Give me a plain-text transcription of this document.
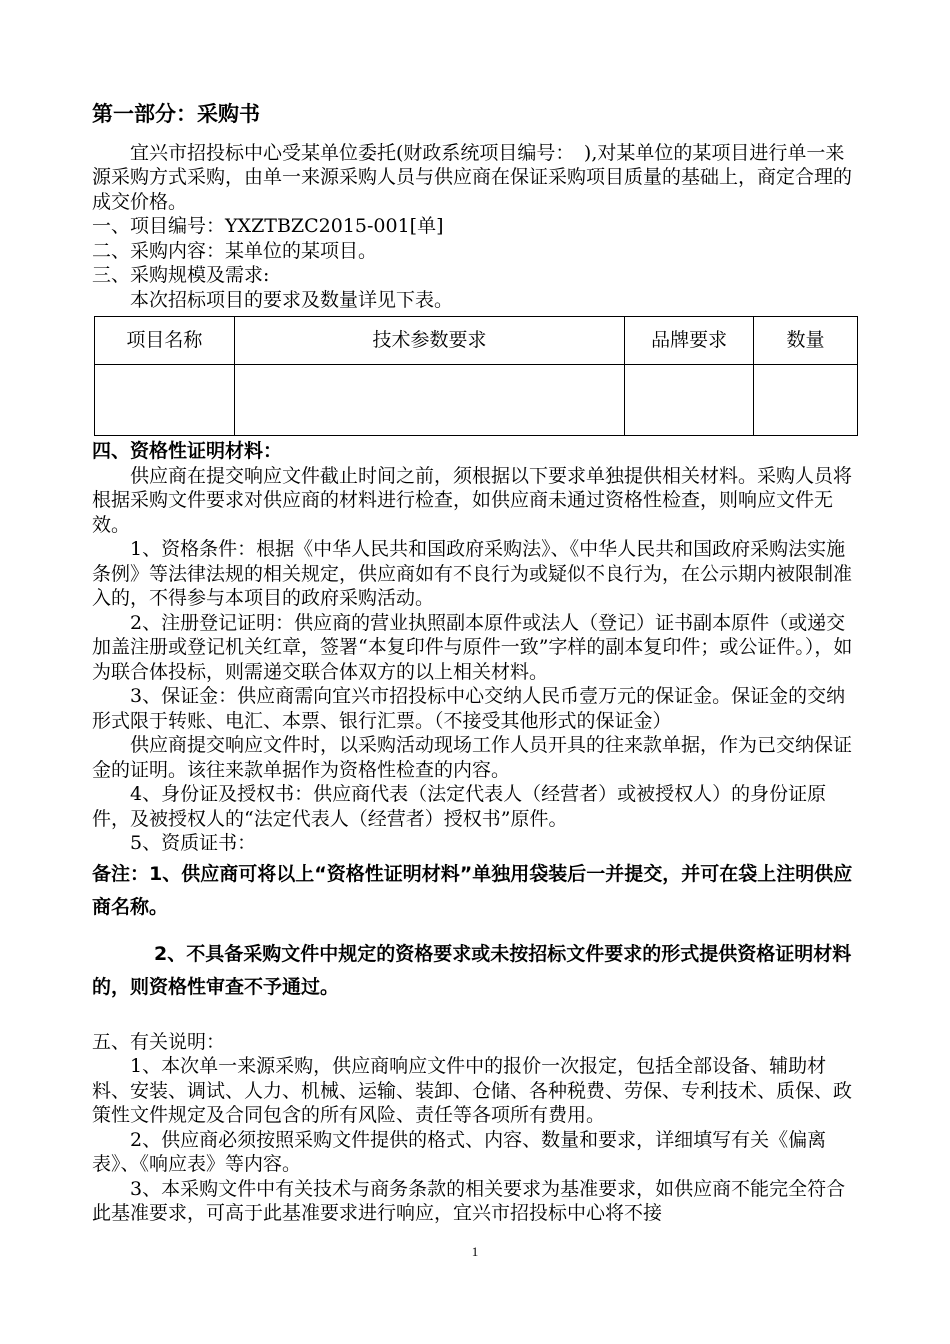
第一部分：采购书

宜兴市招投标中心受某单位委托(财政系统项目编号：　),对某单位的某项目进行单一来源采购方式采购，由单一来源采购人员与供应商在保证采购项目质量的基础上，商定合理的成交价格。

一、项目编号：YXZTBZC2015-001[单]

二、采购内容：某单位的某项目。

三、采购规模及需求:

本次招标项目的要求及数量详见下表。

项目名称	技术参数要求	品牌要求	数量

四、资格性证明材料：

供应商在提交响应文件截止时间之前，须根据以下要求单独提供相关材料。采购人员将根据采购文件要求对供应商的材料进行检查，如供应商未通过资格性检查，则响应文件无效。

1、资格条件：根据《中华人民共和国政府采购法》、《中华人民共和国政府采购法实施条例》等法律法规的相关规定，供应商如有不良行为或疑似不良行为，在公示期内被限制准入的，不得参与本项目的政府采购活动。

2、注册登记证明：供应商的营业执照副本原件或法人（登记）证书副本原件（或递交加盖注册或登记机关红章，签署“本复印件与原件一致”字样的副本复印件；或公证件。），如为联合体投标，则需递交联合体双方的以上相关材料。

3、保证金：供应商需向宜兴市招投标中心交纳人民币壹万元的保证金。保证金的交纳形式限于转账、电汇、本票、银行汇票。（不接受其他形式的保证金）

供应商提交响应文件时，以采购活动现场工作人员开具的往来款单据，作为已交纳保证金的证明。该往来款单据作为资格性检查的内容。

4、身份证及授权书：供应商代表（法定代表人（经营者）或被授权人）的身份证原件，及被授权人的“法定代表人（经营者）授权书”原件。

5、资质证书：

备注：1、供应商可将以上“资格性证明材料”单独用袋装后一并提交，并可在袋上注明供应商名称。

2、不具备采购文件中规定的资格要求或未按招标文件要求的形式提供资格证明材料的，则资格性审查不予通过。

五、有关说明：

1、本次单一来源采购，供应商响应文件中的报价一次报定，包括全部设备、辅助材料、安装、调试、人力、机械、运输、装卸、仓储、各种税费、劳保、专利技术、质保、政策性文件规定及合同包含的所有风险、责任等各项所有费用。

2、供应商必须按照采购文件提供的格式、内容、数量和要求，详细填写有关《偏离表》、《响应表》等内容。

3、本采购文件中有关技术与商务条款的相关要求为基准要求，如供应商不能完全符合此基准要求，可高于此基准要求进行响应，宜兴市招投标中心将不接

1
